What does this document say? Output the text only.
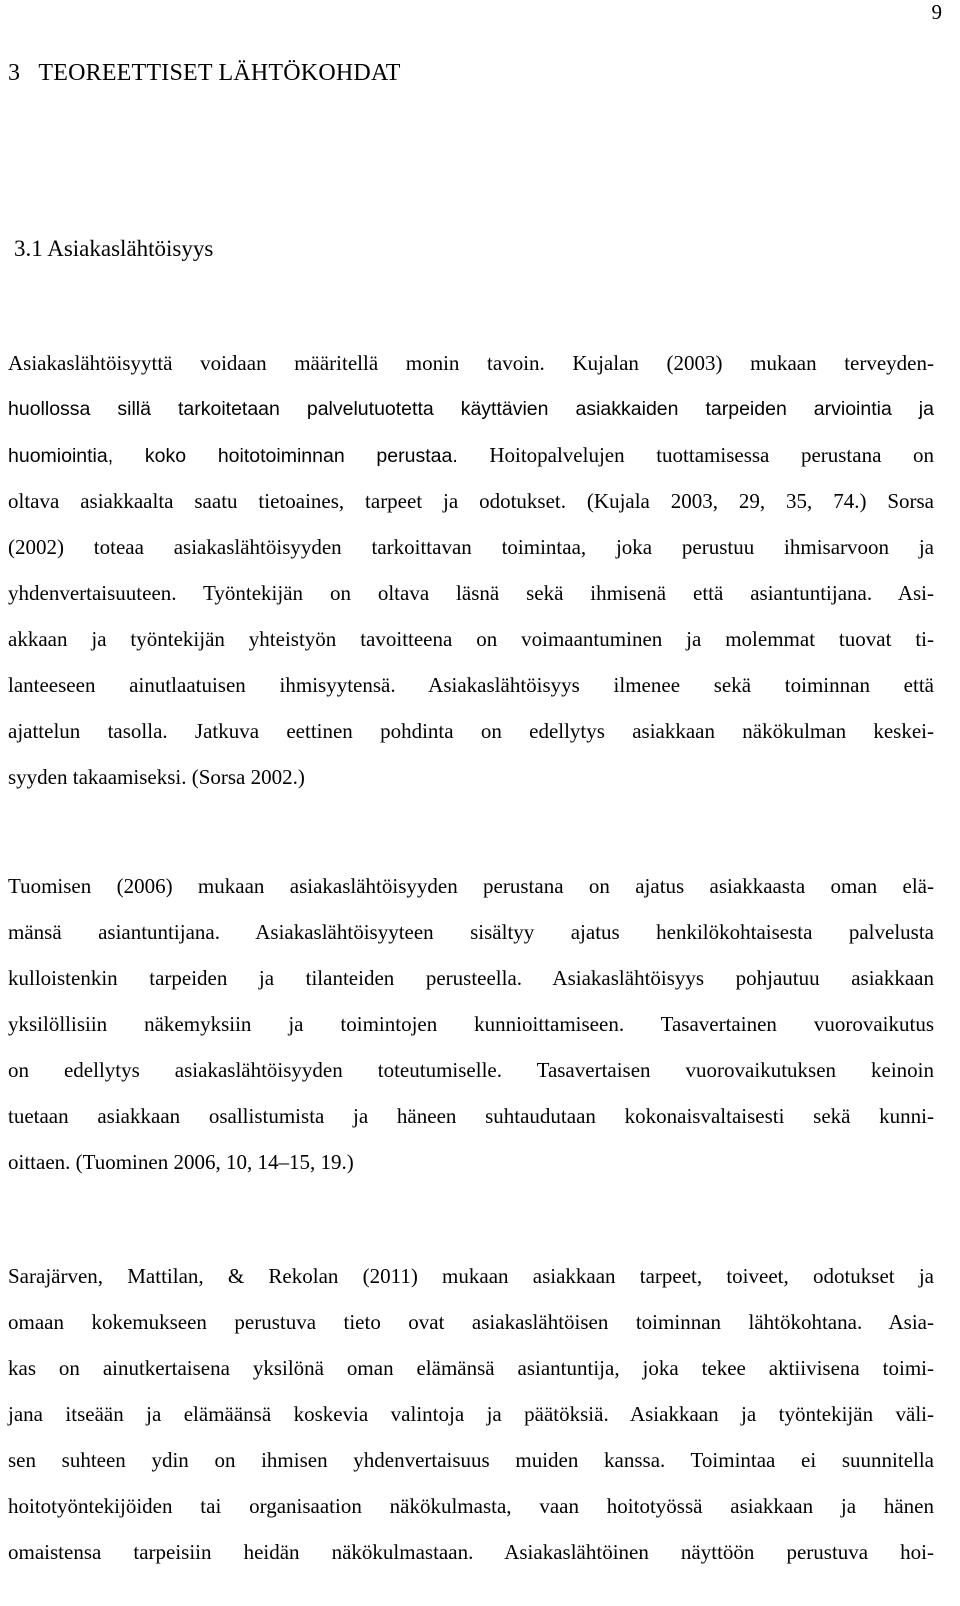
9
3   TEOREETTISET LÄHTÖKOHDAT
3.1 Asiakaslähtöisyys
Asiakaslähtöisyyttä voidaan määritellä monin tavoin. Kujalan (2003) mukaan terveyden-
huollossa sillä tarkoitetaan palvelutuotetta käyttävien asiakkaiden tarpeiden arviointia ja
huomiointia, koko hoitotoiminnan perustaa. Hoitopalvelujen tuottamisessa perustana on
oltava asiakkaalta saatu tietoaines, tarpeet ja odotukset. (Kujala 2003, 29, 35, 74.) Sorsa
(2002) toteaa asiakaslähtöisyyden tarkoittavan toimintaa, joka perustuu ihmisarvoon ja
yhdenvertaisuuteen. Työntekijän on oltava läsnä sekä ihmisenä että asiantuntijana. Asi-
akkaan ja työntekijän yhteistyön tavoitteena on voimaantuminen ja molemmat tuovat ti-
lanteeseen ainutlaatuisen ihmisyytensä. Asiakaslähtöisyys ilmenee sekä toiminnan että
ajattelun tasolla. Jatkuva eettinen pohdinta on edellytys asiakkaan näkökulman keskei-
syyden takaamiseksi. (Sorsa 2002.)
Tuomisen (2006) mukaan asiakaslähtöisyyden perustana on ajatus asiakkaasta oman elä-
mänsä asiantuntijana. Asiakaslähtöisyyteen sisältyy ajatus henkilökohtaisesta palvelusta
kulloistenkin tarpeiden ja tilanteiden perusteella. Asiakaslähtöisyys pohjautuu asiakkaan
yksilöllisiin näkemyksiin ja toimintojen kunnioittamiseen. Tasavertainen vuorovaikutus
on edellytys asiakaslähtöisyyden toteutumiselle. Tasavertaisen vuorovaikutuksen keinoin
tuetaan asiakkaan osallistumista ja häneen suhtaudutaan kokonaisvaltaisesti sekä kunni-
oittaen. (Tuominen 2006, 10, 14–15, 19.)
Sarajärven, Mattilan, & Rekolan (2011) mukaan asiakkaan tarpeet, toiveet, odotukset ja
omaan kokemukseen perustuva tieto ovat asiakaslähtöisen toiminnan lähtökohtana. Asia-
kas on ainutkertaisena yksilönä oman elämänsä asiantuntija, joka tekee aktiivisena toimi-
jana itseään ja elämäänsä koskevia valintoja ja päätöksiä. Asiakkaan ja työntekijän väli-
sen suhteen ydin on ihmisen yhdenvertaisuus muiden kanssa. Toimintaa ei suunnitella
hoitotyöntekijöiden tai organisaation näkökulmasta, vaan hoitotyössä asiakkaan ja hänen
omaistensa tarpeisiin heidän näkökulmastaan. Asiakaslähtöinen näyttöön perustuva hoi-
